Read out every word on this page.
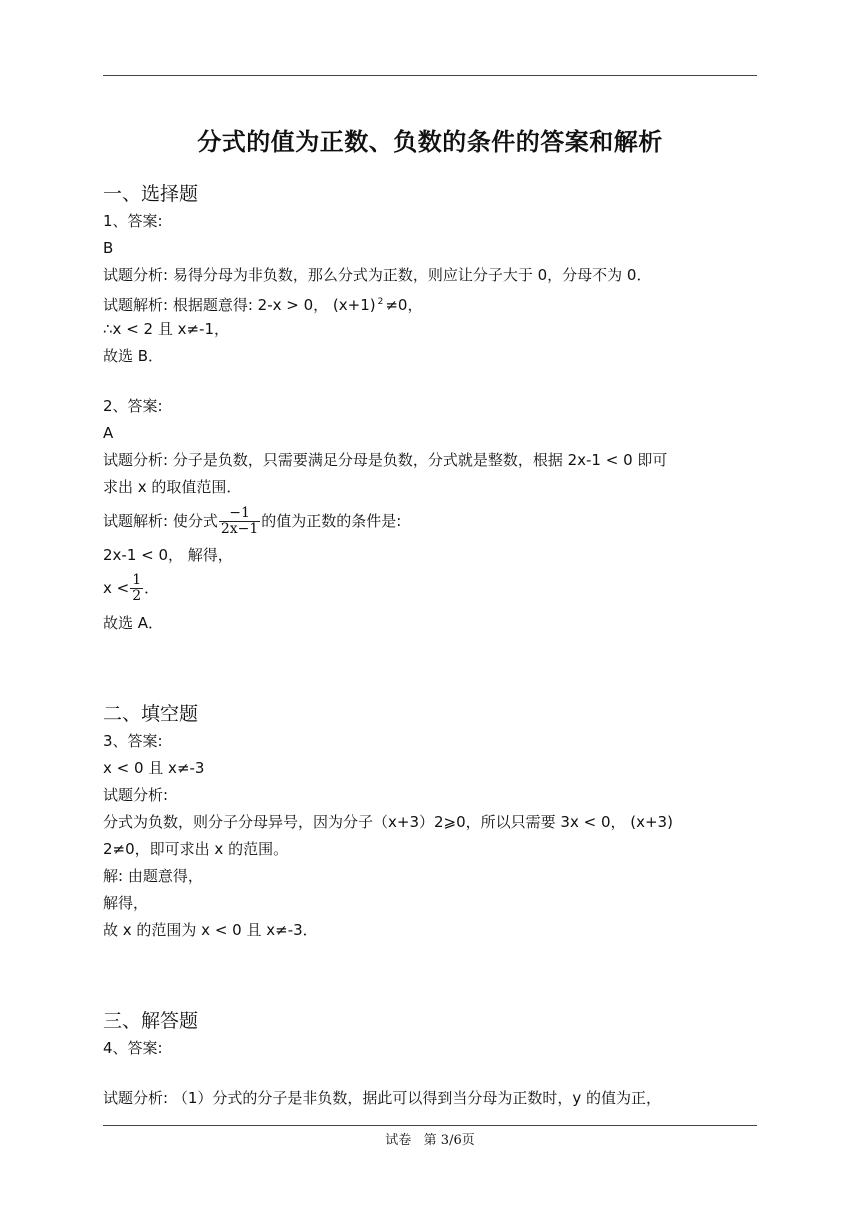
分式的值为正数、负数的条件的答案和解析
一、选择题
1、答案:
B
试题分析: 易得分母为非负数，那么分式为正数，则应让分子大于 0，分母不为 0．
试题解析: 根据题意得: 2-x > 0， (x+1) $^2$ ≠0，
∴x < 2 且 x≠-1，
故选 B．
2、答案:
A
试题分析: 分子是负数，只需要满足分母是负数，分式就是整数，根据 2x-1 < 0 即可
求出 x 的取值范围．
试题解析: 使分式 $\frac{-1}{2x-1}$ 的值为正数的条件是:
2x-1 < 0， 解得，
$x < \frac{1}{2}$ ．
故选 A．
二、填空题
3、答案:
x < 0 且 x≠-3
试题分析:
分式为负数，则分子分母异号，因为分子（x+3）2⩾0，所以只需要 3x < 0， (x+3)
2≠0，即可求出 x 的范围。
解: 由题意得，
解得，
故 x 的范围为 x < 0 且 x≠-3．
三、解答题
4、答案:
试题分析: （1）分式的分子是非负数，据此可以得到当分母为正数时，y 的值为正，
试卷   第 3/6页
